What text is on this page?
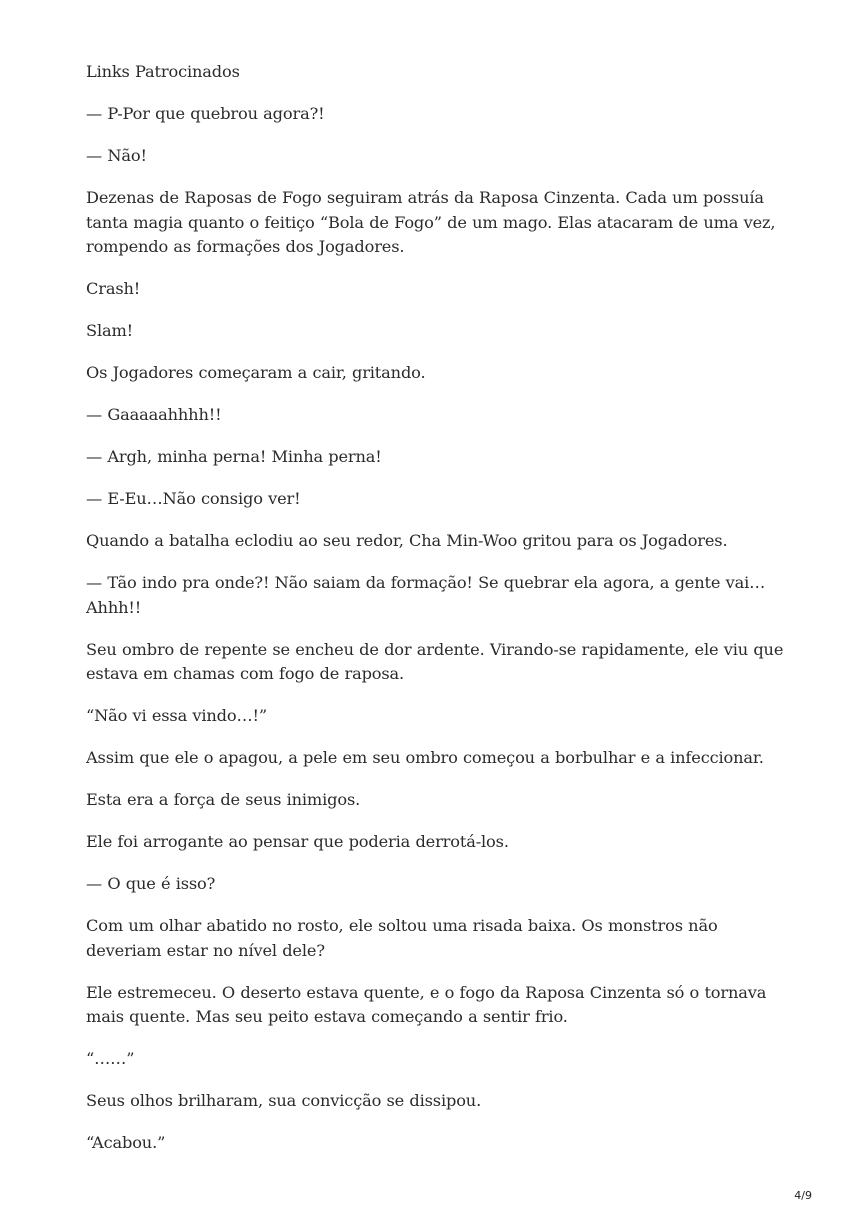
Links Patrocinados

— P-Por que quebrou agora?!

— Não!

Dezenas de Raposas de Fogo seguiram atrás da Raposa Cinzenta. Cada um possuía tanta magia quanto o feitiço “Bola de Fogo” de um mago. Elas atacaram de uma vez, rompendo as formações dos Jogadores.

Crash!

Slam!

Os Jogadores começaram a cair, gritando.

— Gaaaaahhhh!!

— Argh, minha perna! Minha perna!

— E-Eu…Não consigo ver!

Quando a batalha eclodiu ao seu redor, Cha Min-Woo gritou para os Jogadores.

— Tão indo pra onde?! Não saiam da formação! Se quebrar ela agora, a gente vai…Ahhh!!

Seu ombro de repente se encheu de dor ardente. Virando-se rapidamente, ele viu que estava em chamas com fogo de raposa.

“Não vi essa vindo…!”

Assim que ele o apagou, a pele em seu ombro começou a borbulhar e a infeccionar.

Esta era a força de seus inimigos.

Ele foi arrogante ao pensar que poderia derrotá-los.

— O que é isso?

Com um olhar abatido no rosto, ele soltou uma risada baixa. Os monstros não deveriam estar no nível dele?

Ele estremeceu. O deserto estava quente, e o fogo da Raposa Cinzenta só o tornava mais quente. Mas seu peito estava começando a sentir frio.

“……”

Seus olhos brilharam, sua convicção se dissipou.

“Acabou.”

4/9
